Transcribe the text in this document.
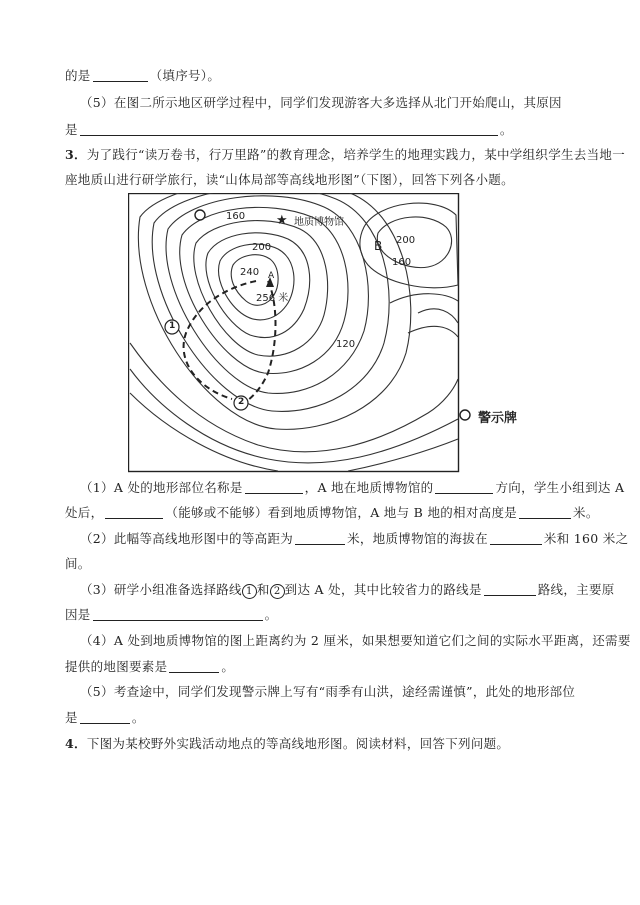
的是	（填序号）。
（5）在图二所示地区研学过程中，同学们发现游客大多选择从北门开始爬山，其原因
是	。
3．为了践行“读万卷书，行万里路”的教育理念，培养学生的地理实践力，某中学组织学生去当地一
座地质山进行研学旅行，读“山体局部等高线地形图”（下图），回答下列各小题。
160 ★ 地质博物馆
200
240 A
256 米
B 200
160
120
1
2
警示牌
（1）A 处的地形部位名称是	，A 地在地质博物馆的	方向，学生小组到达 A
处后，	（能够或不能够）看到地质博物馆，A 地与 B 地的相对高度是	米。
（2）此幅等高线地形图中的等高距为	米，地质博物馆的海拔在	米和 160 米之
间。
（3）研学小组准备选择路线 1 和 2 到达 A 处，其中比较省力的路线是	路线，主要原
因是	。
（4）A 处到地质博物馆的图上距离约为 2 厘米，如果想要知道它们之间的实际水平距离，还需要
提供的地图要素是	。
（5）考查途中，同学们发现警示牌上写有“雨季有山洪，途经需谨慎”，此处的地形部位
是	。
4．下图为某校野外实践活动地点的等高线地形图。阅读材料，回答下列问题。
